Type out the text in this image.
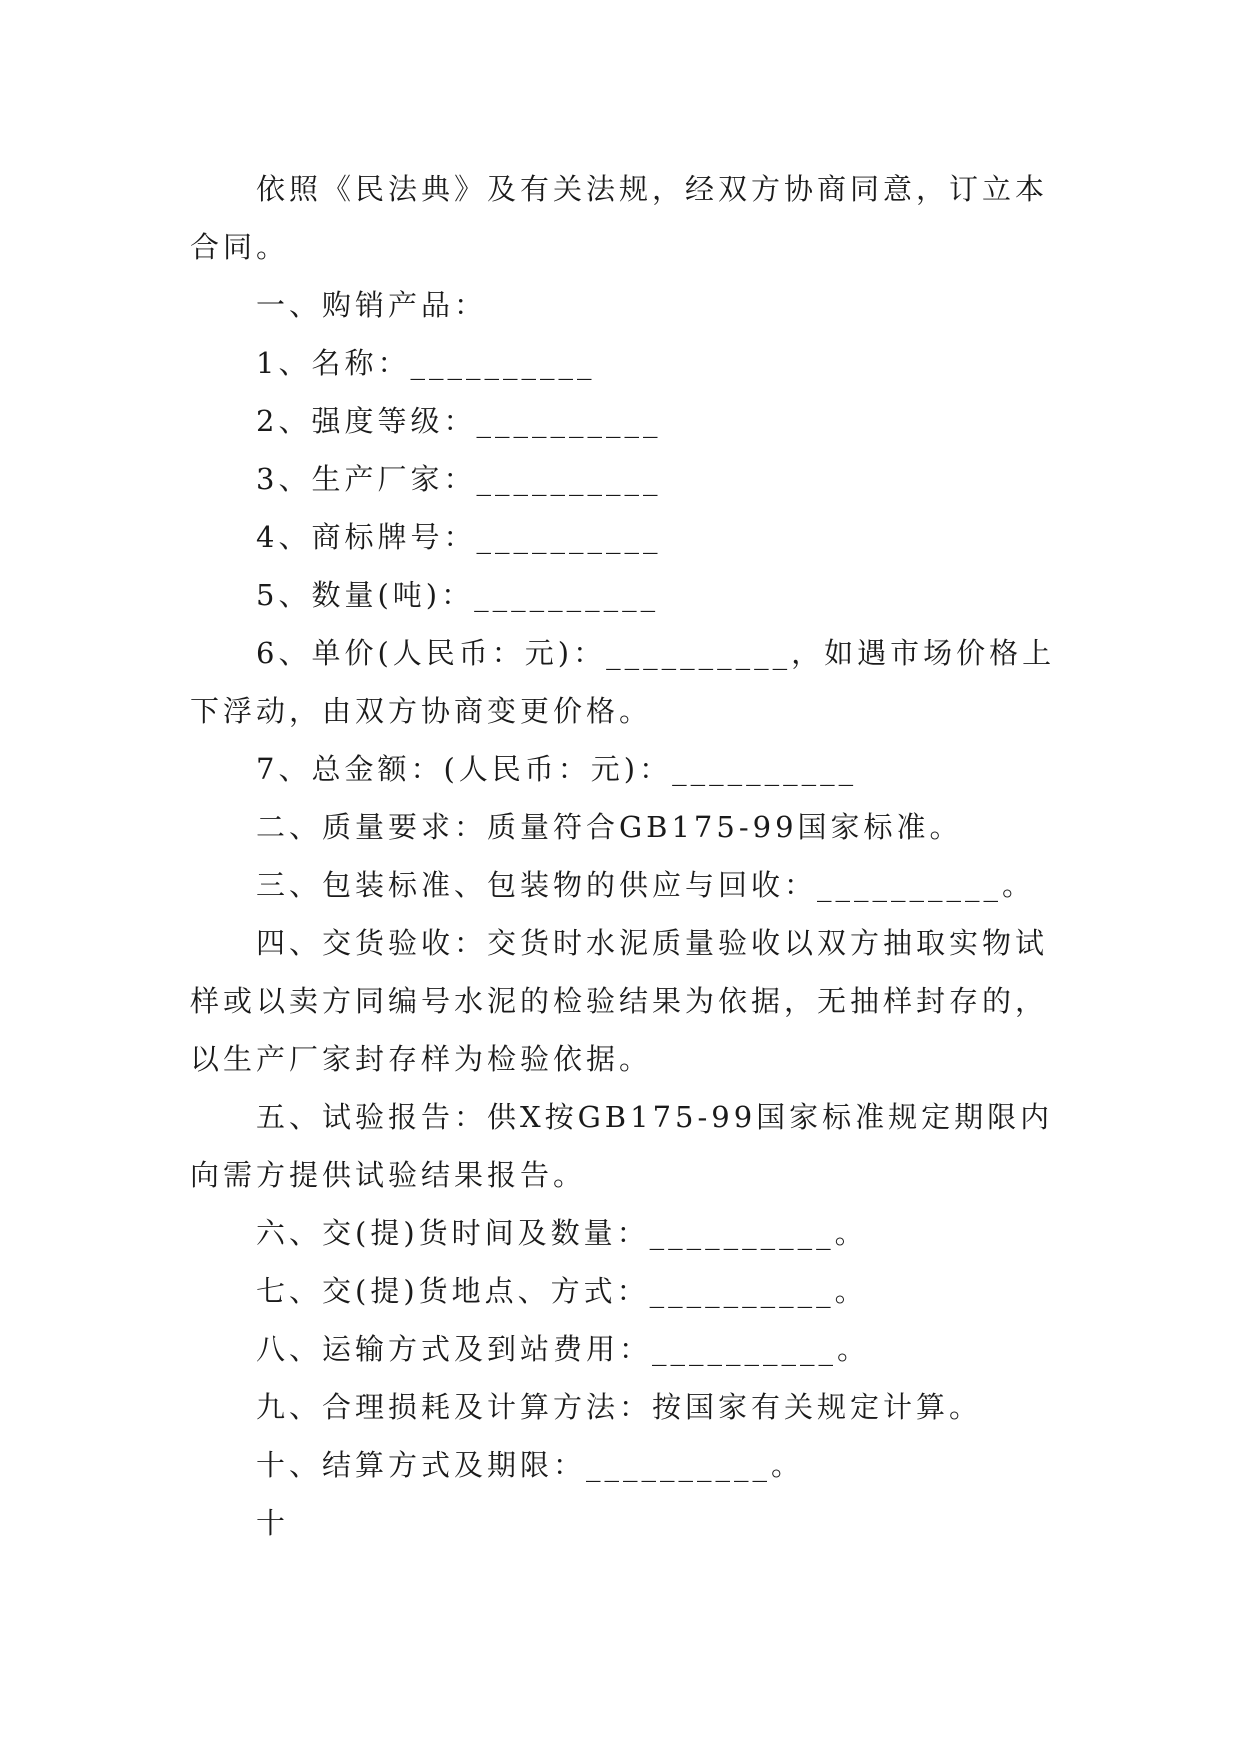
依照《民法典》及有关法规，经双方协商同意，订立本合同。

一、购销产品：

1、名称：__________

2、强度等级：__________

3、生产厂家：__________

4、商标牌号：__________

5、数量(吨)：__________

6、单价(人民币：元)：__________，如遇市场价格上下浮动，由双方协商变更价格。

7、总金额：(人民币：元)：__________

二、质量要求：质量符合GB175-99国家标准。

三、包装标准、包装物的供应与回收：__________。

四、交货验收：交货时水泥质量验收以双方抽取实物试样或以卖方同编号水泥的检验结果为依据，无抽样封存的，以生产厂家封存样为检验依据。

五、试验报告：供X按GB175-99国家标准规定期限内向需方提供试验结果报告。

六、交(提)货时间及数量：__________。

七、交(提)货地点、方式：__________。

八、运输方式及到站费用：__________。

九、合理损耗及计算方法：按国家有关规定计算。

十、结算方式及期限：__________。

十
